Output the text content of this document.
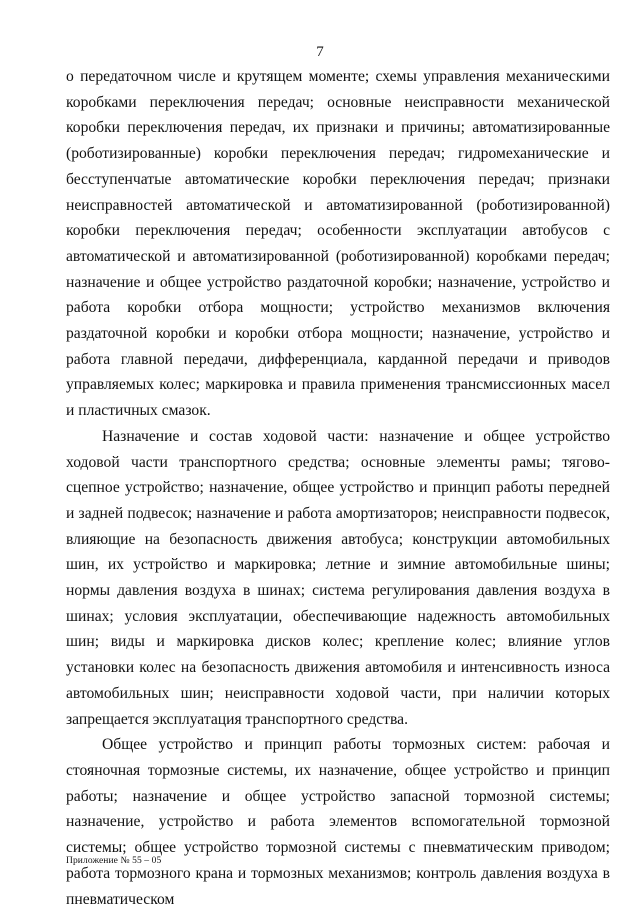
7

о передаточном числе и крутящем моменте; схемы управления механическими коробками переключения передач; основные неисправности механической коробки переключения передач, их признаки и причины; автоматизированные (роботизированные) коробки переключения передач; гидромеханические и бесступенчатые автоматические коробки переключения передач; признаки неисправностей автоматической и автоматизированной (роботизированной) коробки переключения передач; особенности эксплуатации автобусов с автоматической и автоматизированной (роботизированной) коробками передач; назначение и общее устройство раздаточной коробки; назначение, устройство и работа коробки отбора мощности; устройство механизмов включения раздаточной коробки и коробки отбора мощности; назначение, устройство и работа главной передачи, дифференциала, карданной передачи и приводов управляемых колес; маркировка и правила применения трансмиссионных масел и пластичных смазок.

Назначение и состав ходовой части: назначение и общее устройство ходовой части транспортного средства; основные элементы рамы; тягово-сцепное устройство; назначение, общее устройство и принцип работы передней и задней подвесок; назначение и работа амортизаторов; неисправности подвесок, влияющие на безопасность движения автобуса; конструкции автомобильных шин, их устройство и маркировка; летние и зимние автомобильные шины; нормы давления воздуха в шинах; система регулирования давления воздуха в шинах; условия эксплуатации, обеспечивающие надежность автомобильных шин; виды и маркировка дисков колес; крепление колес; влияние углов установки колес на безопасность движения автомобиля и интенсивность износа автомобильных шин; неисправности ходовой части, при наличии которых запрещается эксплуатация транспортного средства.

Общее устройство и принцип работы тормозных систем: рабочая и стояночная тормозные системы, их назначение, общее устройство и принцип работы; назначение и общее устройство запасной тормозной системы; назначение, устройство и работа элементов вспомогательной тормозной системы; общее устройство тормозной системы с пневматическим приводом; работа тормозного крана и тормозных механизмов; контроль давления воздуха в пневматическом

Приложение № 55 – 05
